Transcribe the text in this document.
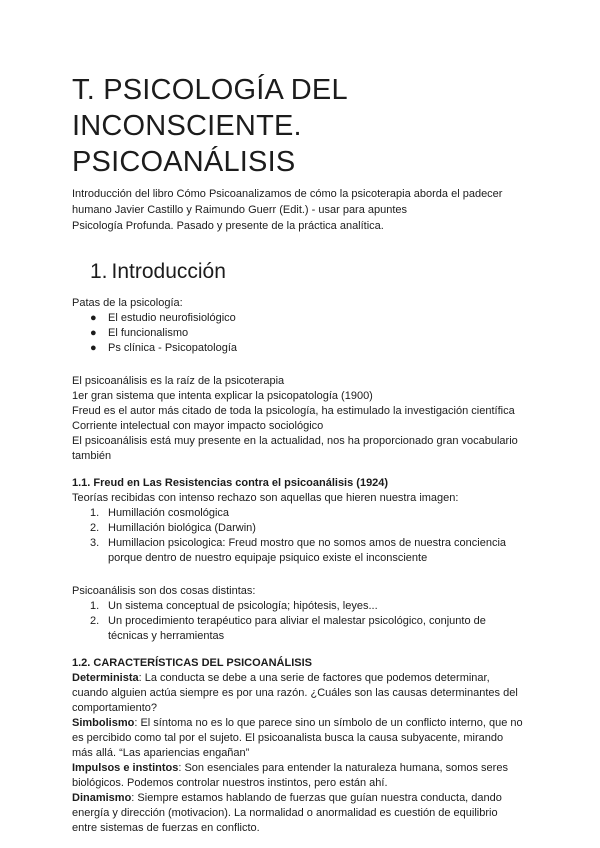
T. PSICOLOGÍA DEL
INCONSCIENTE. PSICOANÁLISIS
Introducción del libro Cómo Psicoanalizamos de cómo la psicoterapia aborda el padecer
humano Javier Castillo y Raimundo Guerr (Edit.) - usar para apuntes
Psicología Profunda. Pasado y presente de la práctica analítica.
1. Introducción
Patas de la psicología:
● El estudio neurofisiológico
● El funcionalismo
● Ps clínica - Psicopatología
El psicoanálisis es la raíz de la psicoterapia
1er gran sistema que intenta explicar la psicopatología (1900)
Freud es el autor más citado de toda la psicología, ha estimulado la investigación científica
Corriente intelectual con mayor impacto sociológico
El psicoanálisis está muy presente en la actualidad, nos ha proporcionado gran vocabulario
también
1.1. Freud en Las Resistencias contra el psicoanálisis (1924)
Teorías recibidas con intenso rechazo son aquellas que hieren nuestra imagen:
1. Humillación cosmológica
2. Humillación biológica (Darwin)
3. Humillacion psicologica: Freud mostro que no somos amos de nuestra conciencia
porque dentro de nuestro equipaje psiquico existe el inconsciente
Psicoanálisis son dos cosas distintas:
1. Un sistema conceptual de psicología; hipótesis, leyes...
2. Un procedimiento terapéutico para aliviar el malestar psicológico, conjunto de
técnicas y herramientas
1.2. CARACTERÍSTICAS DEL PSICOANÁLISIS
Determinista: La conducta se debe a una serie de factores que podemos determinar,
cuando alguien actúa siempre es por una razón. ¿Cuáles son las causas determinantes del
comportamiento?
Simbolismo: El síntoma no es lo que parece sino un símbolo de un conflicto interno, que no
es percibido como tal por el sujeto. El psicoanalista busca la causa subyacente, mirando
más allá. “Las apariencias engañan”
Impulsos e instintos: Son esenciales para entender la naturaleza humana, somos seres
biológicos. Podemos controlar nuestros instintos, pero están ahí.
Dinamismo: Siempre estamos hablando de fuerzas que guían nuestra conducta, dando
energía y dirección (motivacion). La normalidad o anormalidad es cuestión de equilibrio
entre sistemas de fuerzas en conflicto.
